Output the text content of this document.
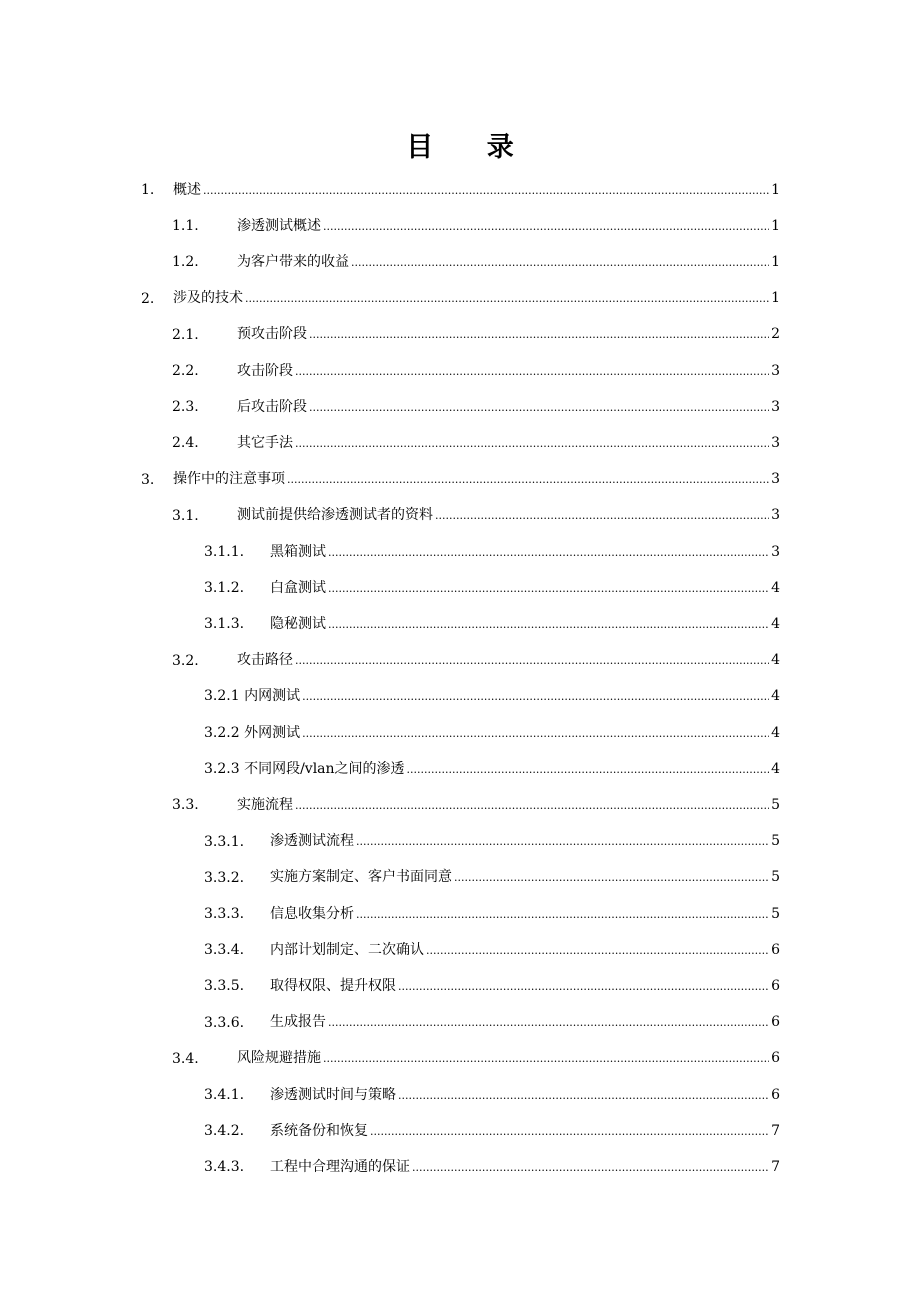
目 录
1. 概述 .....	1
1.1.	渗透测试概述 .....	1
1.2.	为客户带来的收益 .....	1
2. 涉及的技术 .....	1
2.1.	预攻击阶段 .....	2
2.2.	攻击阶段 .....	3
2.3.	后攻击阶段 .....	3
2.4.	其它手法 .....	3
3. 操作中的注意事项 .....	3
3.1.	测试前提供给渗透测试者的资料 .....	3
3.1.1. 黑箱测试 .....	3
3.1.2. 白盒测试 .....	4
3.1.3. 隐秘测试 .....	4
3.2.	攻击路径 .....	4
3.2.1 内网测试 .....	4
3.2.2 外网测试 .....	4
3.2.3 不同网段/vlan之间的渗透 .....	4
3.3.	实施流程 .....	5
3.3.1. 渗透测试流程 .....	5
3.3.2. 实施方案制定、客户书面同意 .....	5
3.3.3. 信息收集分析 .....	5
3.3.4. 内部计划制定、二次确认 .....	6
3.3.5. 取得权限、提升权限 .....	6
3.3.6. 生成报告 .....	6
3.4.	风险规避措施 .....	6
3.4.1. 渗透测试时间与策略 .....	6
3.4.2. 系统备份和恢复 .....	7
3.4.3. 工程中合理沟通的保证 .....	7
